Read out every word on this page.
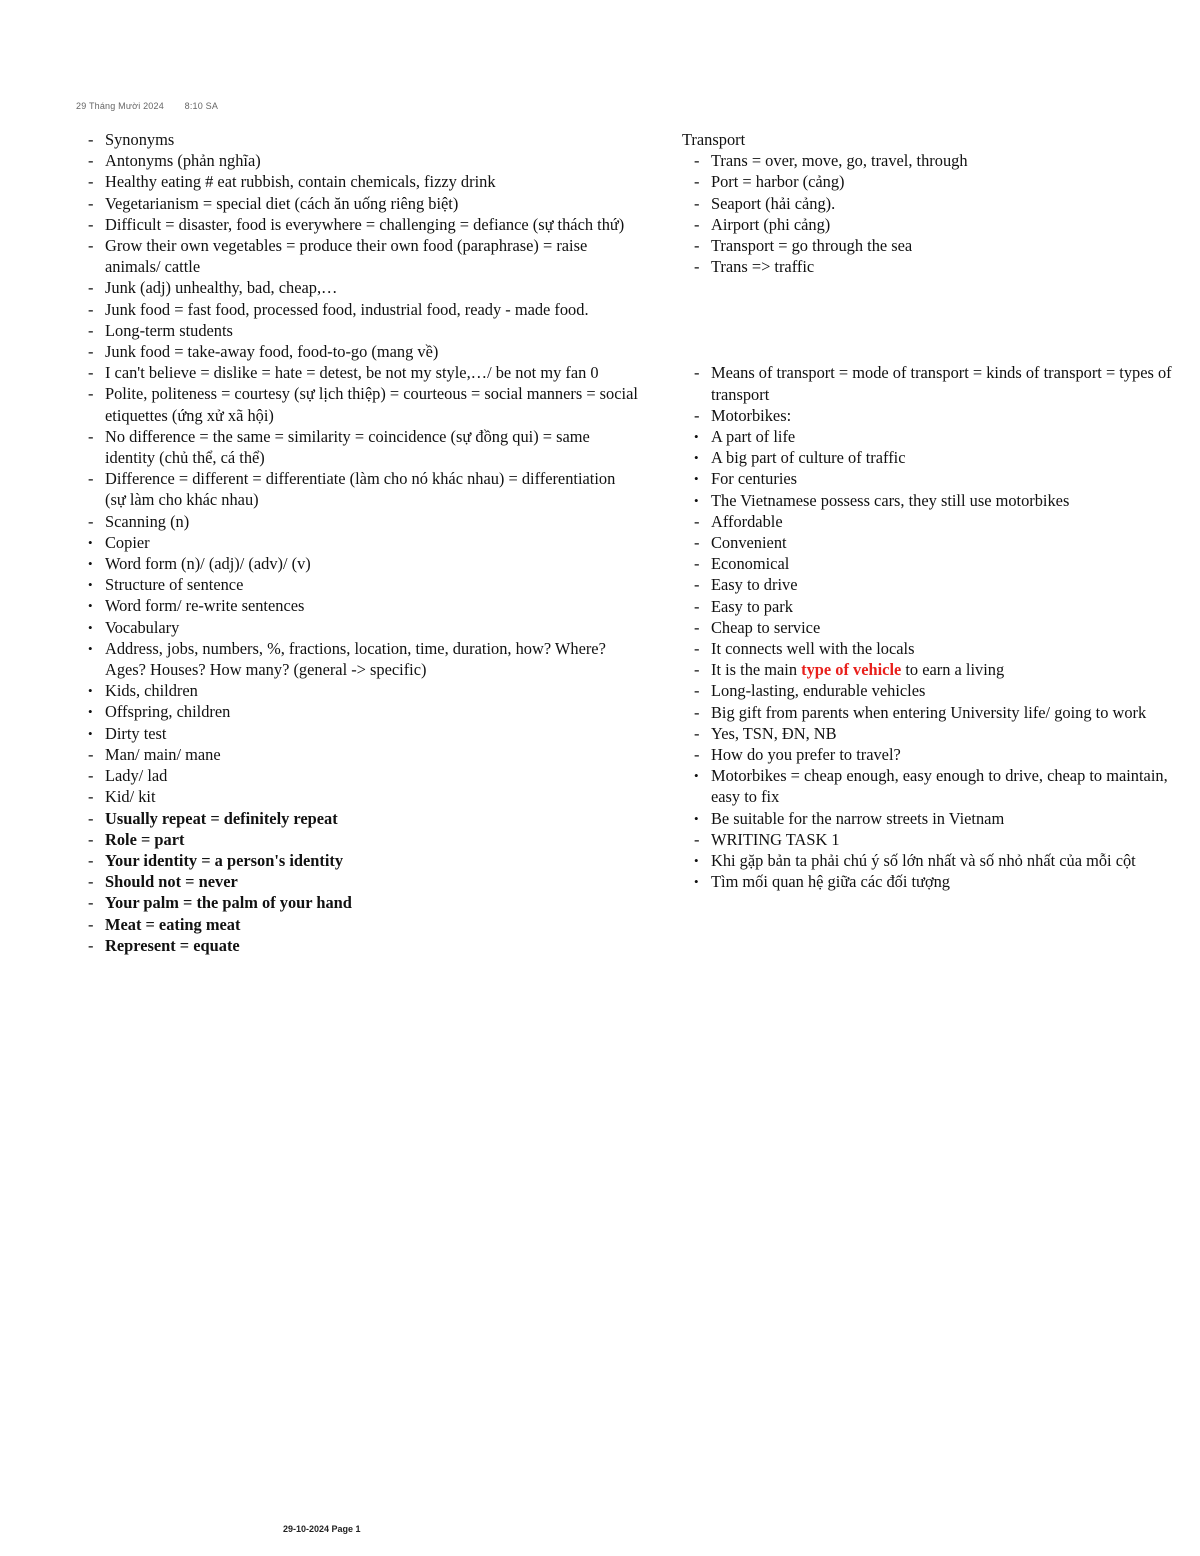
29 Tháng Mười 2024 8:10 SA
- Synonyms
- Antonyms (phản nghĩa)
- Healthy eating # eat rubbish, contain chemicals, fizzy drink
- Vegetarianism = special diet (cách ăn uống riêng biệt)
- Difficult = disaster, food is everywhere = challenging = defiance (sự thách thứ)
- Grow their own vegetables = produce their own food (paraphrase) = raise animals/ cattle
- Junk (adj) unhealthy, bad, cheap,…
- Junk food = fast food, processed food, industrial food, ready - made food.
- Long-term students
- Junk food = take-away food, food-to-go (mang về)
- I can't believe = dislike = hate = detest, be not my style,…/ be not my fan 0
- Polite, politeness = courtesy (sự lịch thiệp) = courteous = social manners = social etiquettes (ứng xử xã hội)
- No difference = the same = similarity = coincidence (sự đồng qui) = same identity (chủ thể, cá thể)
- Difference = different = differentiate (làm cho nó khác nhau) = differentiation (sự làm cho khác nhau)
- Scanning (n)
• Copier
• Word form (n)/ (adj)/ (adv)/ (v)
• Structure of sentence
• Word form/ re-write sentences
• Vocabulary
• Address, jobs, numbers, %, fractions, location, time, duration, how? Where? Ages? Houses? How many? (general -> specific)
• Kids, children
• Offspring, children
• Dirty test
- Man/ main/ mane
- Lady/ lad
- Kid/ kit
- Usually repeat = definitely repeat
- Role = part
- Your identity = a person's identity
- Should not = never
- Your palm = the palm of your hand
- Meat = eating meat
- Represent = equate
Transport
- Trans = over, move, go, travel, through
- Port = harbor (cảng)
- Seaport (hải cảng).
- Airport (phi cảng)
- Transport = go through the sea
- Trans => traffic
- Means of transport = mode of transport = kinds of transport = types of transport
- Motorbikes:
• A part of life
• A big part of culture of traffic
• For centuries
• The Vietnamese possess cars, they still use motorbikes
- Affordable
- Convenient
- Economical
- Easy to drive
- Easy to park
- Cheap to service
- It connects well with the locals
- It is the main type of vehicle to earn a living
- Long-lasting, endurable vehicles
- Big gift from parents when entering University life/ going to work
- Yes, TSN, ĐN, NB
- How do you prefer to travel?
• Motorbikes = cheap enough, easy enough to drive, cheap to maintain, easy to fix
• Be suitable for the narrow streets in Vietnam
- WRITING TASK 1
• Khi gặp bản ta phải chú ý số lớn nhất và số nhỏ nhất của mỗi cột
• Tìm mối quan hệ giữa các đối tượng
29-10-2024 Page 1
